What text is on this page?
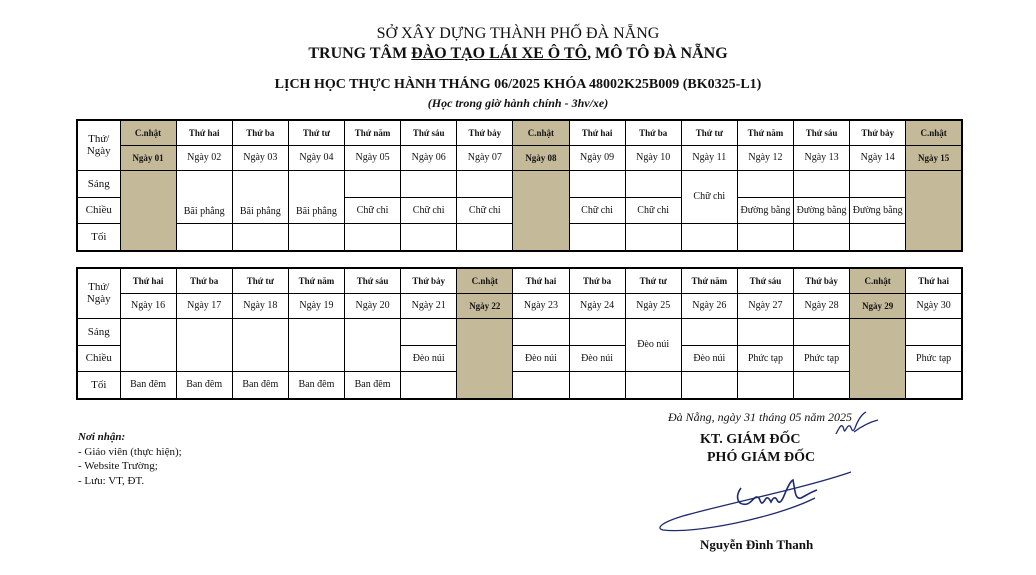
SỞ XÂY DỰNG THÀNH PHỐ ĐÀ NẴNG
TRUNG TÂM ĐÀO TẠO LÁI XE Ô TÔ, MÔ TÔ ĐÀ NẴNG
LỊCH HỌC THỰC HÀNH THÁNG 06/2025 KHÓA 48002K25B009 (BK0325-L1)
(Học trong giờ hành chính - 3hv/xe)
Thứ/
Ngày	C.nhật	Thứ hai	Thứ ba	Thứ tư	Thứ năm	Thứ sáu	Thứ bảy	C.nhật	Thứ hai	Thứ ba	Thứ tư	Thứ năm	Thứ sáu	Thứ bảy	C.nhật
	Ngày 01	Ngày 02	Ngày 03	Ngày 04	Ngày 05	Ngày 06	Ngày 07	Ngày 08	Ngày 09	Ngày 10	Ngày 11	Ngày 12	Ngày 13	Ngày 14	Ngày 15
Sáng		Bãi phẳng	Bãi phẳng	Bãi phẳng							Chữ chi				
Chiều					Chữ chi	Chữ chi	Chữ chi		Chữ chi	Chữ chi		Đường bằng	Đường bằng	Đường bằng	
Tối															
Thứ/
Ngày	Thứ hai	Thứ ba	Thứ tư	Thứ năm	Thứ sáu	Thứ bảy	C.nhật	Thứ hai	Thứ ba	Thứ tư	Thứ năm	Thứ sáu	Thứ bảy	C.nhật	Thứ hai
	Ngày 16	Ngày 17	Ngày 18	Ngày 19	Ngày 20	Ngày 21	Ngày 22	Ngày 23	Ngày 24	Ngày 25	Ngày 26	Ngày 27	Ngày 28	Ngày 29	Ngày 30
Sáng										Đèo núi					
Chiều						Đèo núi		Đèo núi	Đèo núi		Đèo núi	Phức tạp	Phức tạp		Phức tạp
Tối	Ban đêm	Ban đêm	Ban đêm	Ban đêm	Ban đêm										
Đà Nẵng, ngày 31 tháng 05 năm 2025
KT. GIÁM ĐỐC
PHÓ GIÁM ĐỐC
Nguyễn Đình Thanh
Nơi nhận:
- Giáo viên (thực hiện);
- Website Trường;
- Lưu: VT, ĐT.
